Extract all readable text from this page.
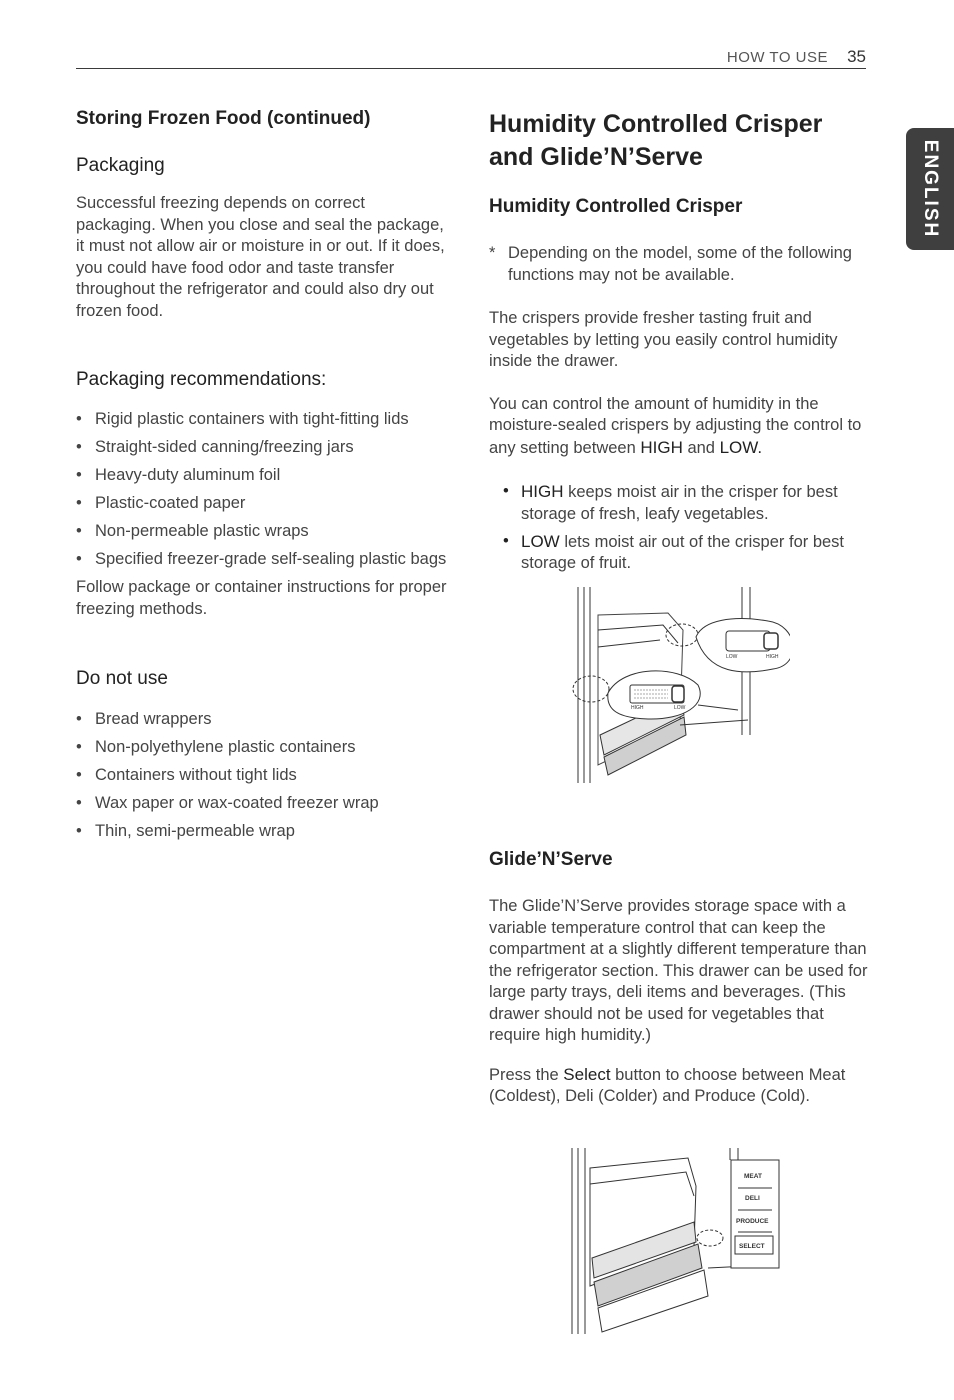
HOW TO USE 35
ENGLISH
Storing Frozen Food (continued)
Packaging

Successful freezing depends on correct packaging. When you close and seal the package, it must not allow air or moisture in or out. If it does, you could have food odor and taste transfer throughout the refrigerator and could also dry out frozen food.

Packaging recommendations:
• Rigid plastic containers with tight-fitting lids
• Straight-sided canning/freezing jars
• Heavy-duty aluminum foil
• Plastic-coated paper
• Non-permeable plastic wraps
• Specified freezer-grade self-sealing plastic bags

Follow package or container instructions for proper freezing methods.

Do not use
• Bread wrappers
• Non-polyethylene plastic containers
• Containers without tight lids
• Wax paper or wax-coated freezer wrap
• Thin, semi-permeable wrap
Humidity Controlled Crisper and Glide’N’Serve
Humidity Controlled Crisper

* Depending on the model, some of the following functions may not be available.

The crispers provide fresher tasting fruit and vegetables by letting you easily control humidity inside the drawer.

You can control the amount of humidity in the moisture-sealed crispers by adjusting the control to any setting between HIGH and LOW.

• HIGH keeps moist air in the crisper for best storage of fresh, leafy vegetables.
• LOW lets moist air out of the crisper for best storage of fruit.
LOW	HIGH
HIGH	LOW
Glide’N’Serve

The Glide’N’Serve provides storage space with a variable temperature control that can keep the compartment at a slightly different temperature than the refrigerator section. This drawer can be used for large party trays, deli items and beverages. (This drawer should not be used for vegetables that require high humidity.)

Press the Select button to choose between Meat (Coldest), Deli (Colder) and Produce (Cold).

MEAT
DELI
PRODUCE
SELECT
